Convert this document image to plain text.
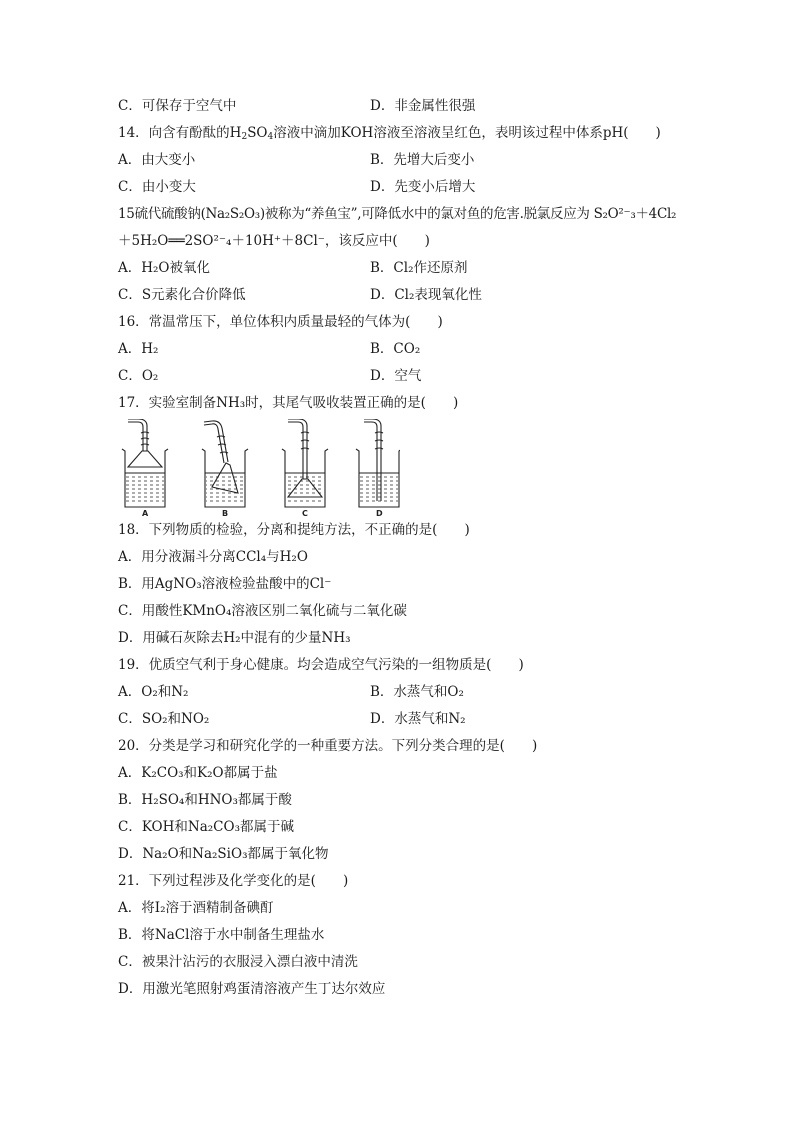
C．可保存于空气中	D．非金属性很强
14．向含有酚酞的$H_2SO_4$溶液中滴加KOH溶液至溶液呈红色，表明该过程中体系pH(　　)
A．由大变小	B．先增大后变小
C．由小变大	D．先变小后增大
15硫代硫酸钠(Na₂S₂O₃)被称为“养鱼宝”,可降低水中的氯对鱼的危害.脱氯反应为 S₂O²⁻₃＋4Cl₂
＋5H₂O══2SO²⁻₄＋10H⁺＋8Cl⁻，该反应中(　　)
A．H₂O被氧化	B．Cl₂作还原剂
C．S元素化合价降低	D．Cl₂表现氧化性
16．常温常压下，单位体积内质量最轻的气体为(　　)
A．H₂	B．CO₂
C．O₂	D．空气
17．实验室制备NH₃时，其尾气吸收装置正确的是(　　)
A	B	C	D
18．下列物质的检验，分离和提纯方法，不正确的是(　　)
A．用分液漏斗分离CCl₄与H₂O
B．用AgNO₃溶液检验盐酸中的Cl⁻
C．用酸性KMnO₄溶液区别二氧化硫与二氧化碳
D．用碱石灰除去H₂中混有的少量NH₃
19．优质空气利于身心健康。均会造成空气污染的一组物质是(　　)
A．O₂和N₂	B．水蒸气和O₂
C．SO₂和NO₂	D．水蒸气和N₂
20．分类是学习和研究化学的一种重要方法。下列分类合理的是(　　)
A．K₂CO₃和K₂O都属于盐
B．H₂SO₄和HNO₃都属于酸
C．KOH和Na₂CO₃都属于碱
D．Na₂O和Na₂SiO₃都属于氧化物
21．下列过程涉及化学变化的是(　　)
A．将I₂溶于酒精制备碘酊
B．将NaCl溶于水中制备生理盐水
C．被果汁沾污的衣服浸入漂白液中清洗
D．用激光笔照射鸡蛋清溶液产生丁达尔效应
